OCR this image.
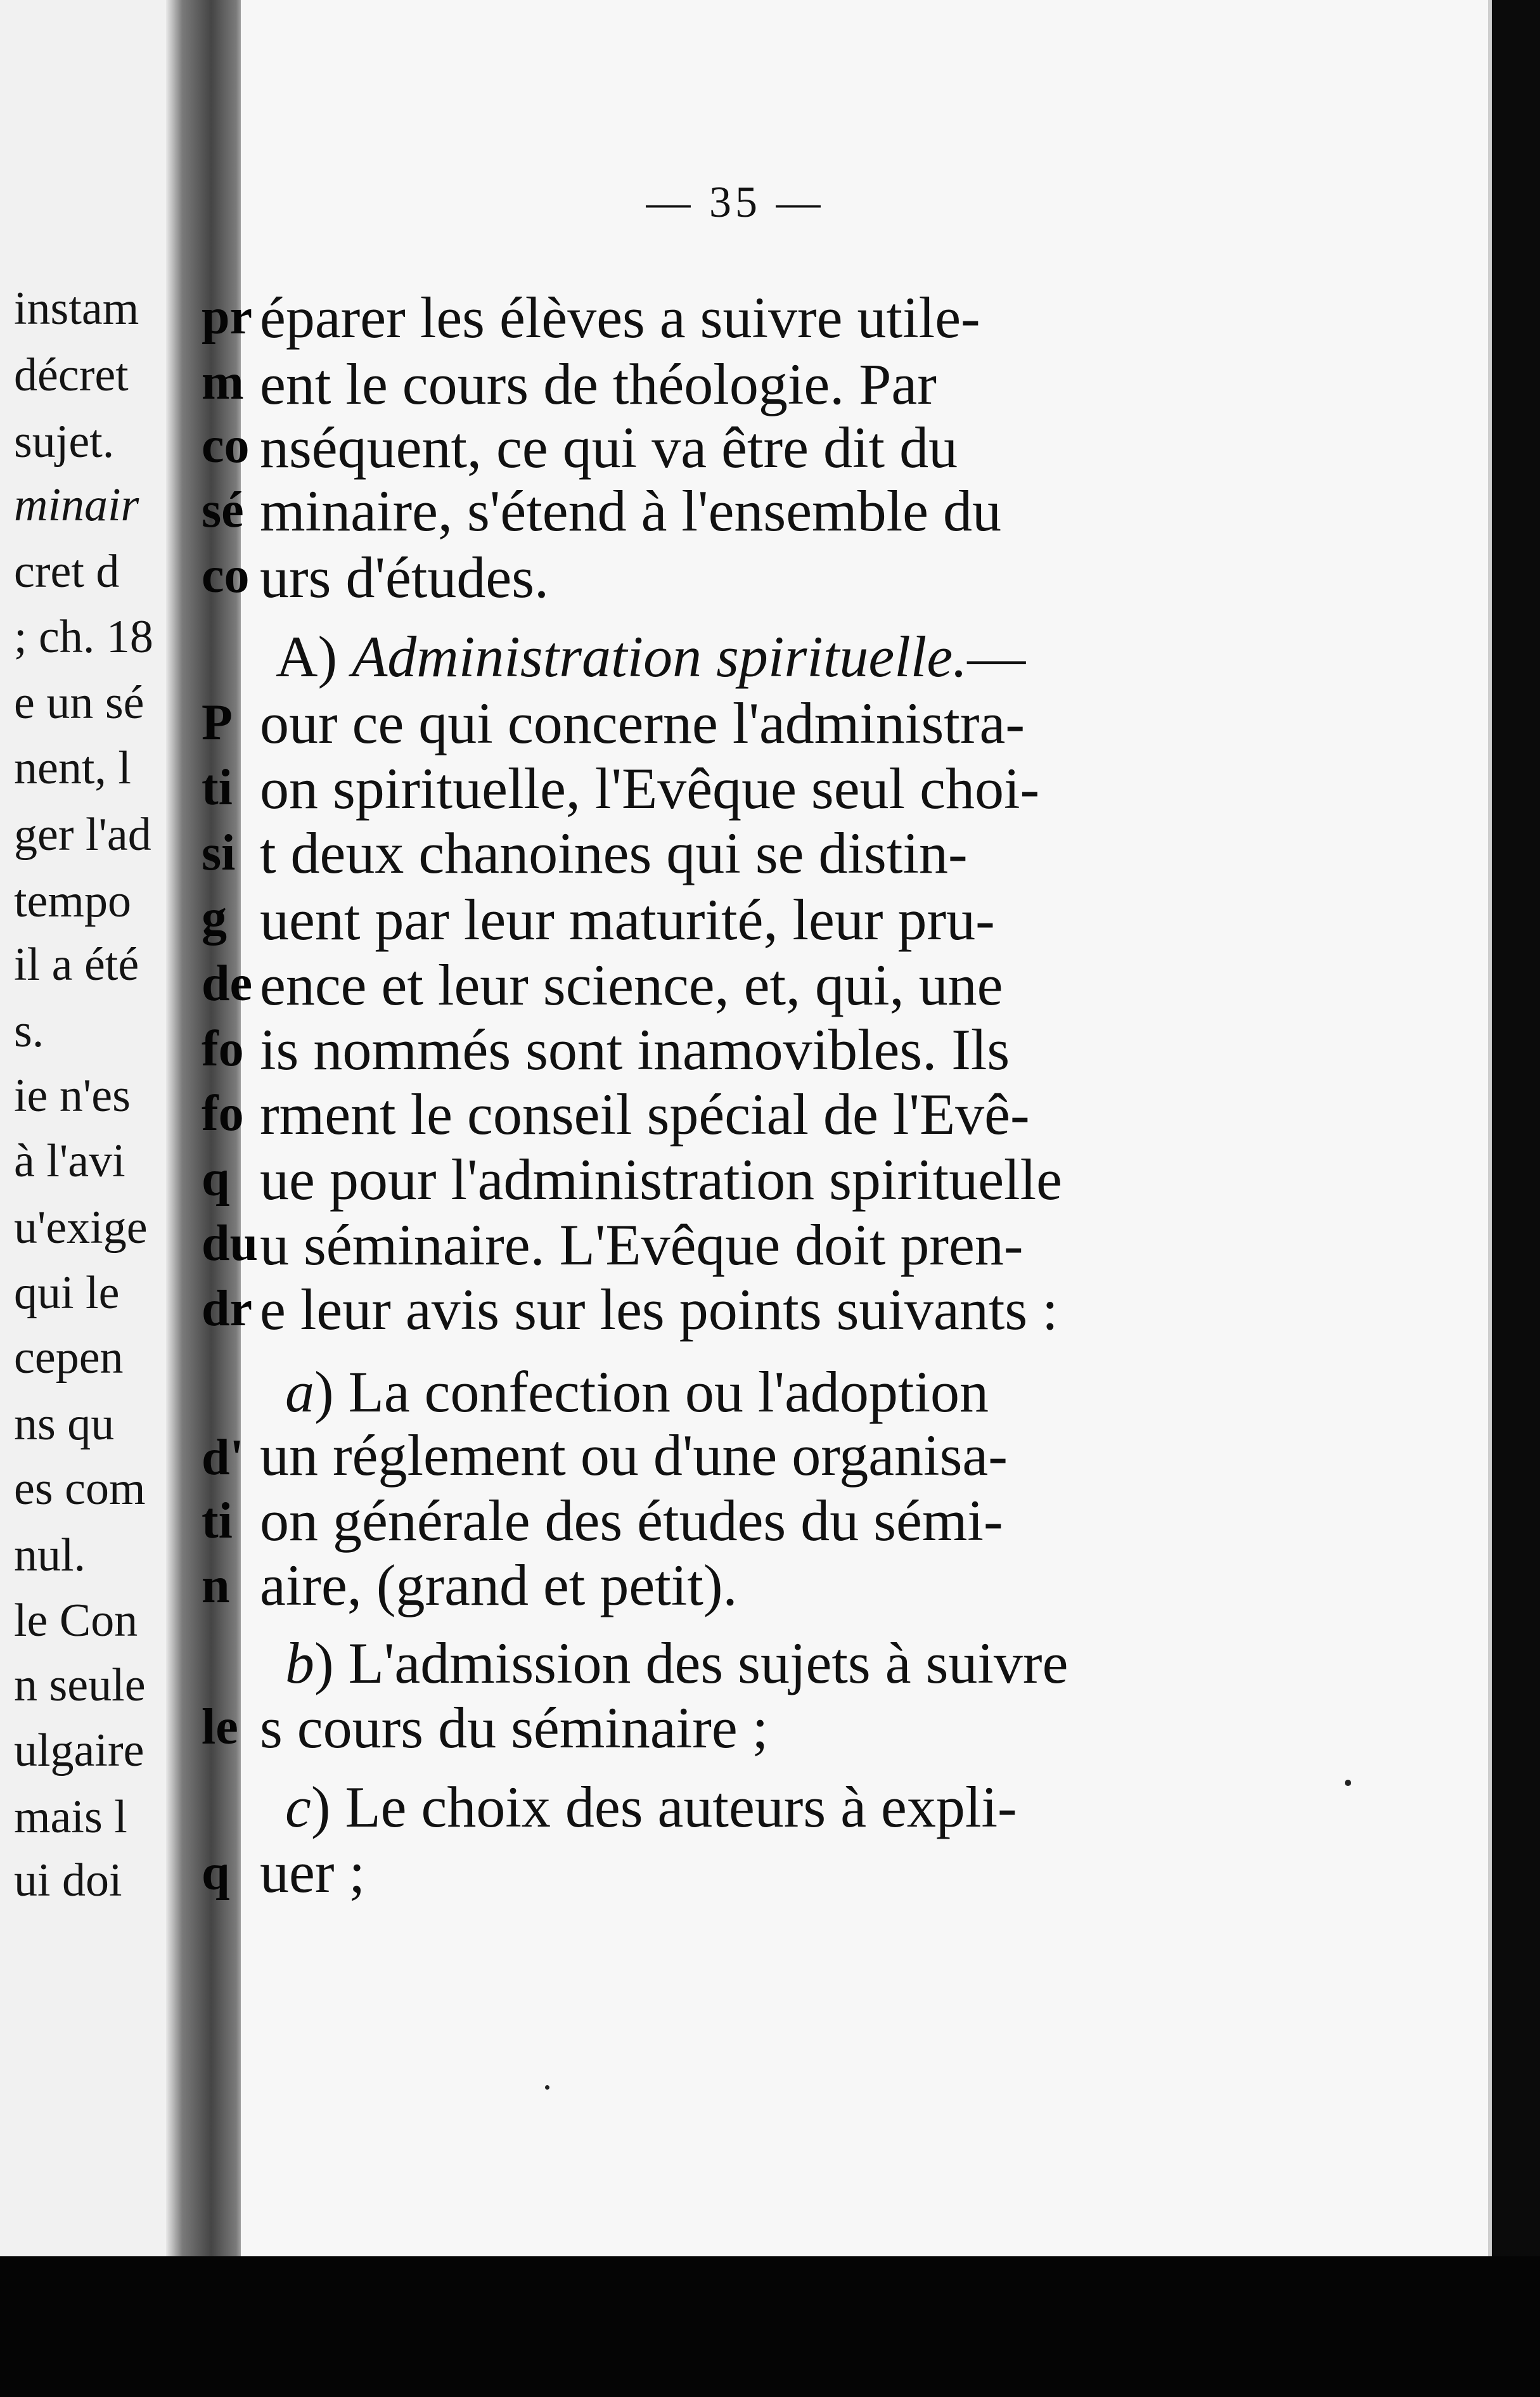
instam
décret
sujet.
minair
cret d
; ch. 18
e un sé
nent, l
ger l'ad
tempo
il a été
s.
ie n'es
à l'avi
u'exige
qui le
cepen
ns qu
es com
nul.
le Con
n seule
ulgaire
mais l
ui doi
— 35 —
éparer les élèves a suivre utile-
ent le cours de théologie. Par
nséquent, ce qui va être dit du
minaire, s'étend à l'ensemble du
urs d'études.
A) Administration spirituelle.—
our ce qui concerne l'administra-
on spirituelle, l'Evêque seul choi-
t deux chanoines qui se distin-
uent par leur maturité, leur pru-
ence et leur science, et, qui, une
is nommés sont inamovibles. Ils
rment le conseil spécial de l'Evê-
ue pour l'administration spirituelle
u séminaire. L'Evêque doit pren-
e leur avis sur les points suivants :
a) La confection ou l'adoption
un réglement ou d'une organisa-
on générale des études du sémi-
aire, (grand et petit).
b) L'admission des sujets à suivre
s cours du séminaire ;
c) Le choix des auteurs à expli-
uer ;
pr
m
co
sé
co
P
ti
si
g
de
fo
fo
q
du
dr
d'
ti
n
le
q
